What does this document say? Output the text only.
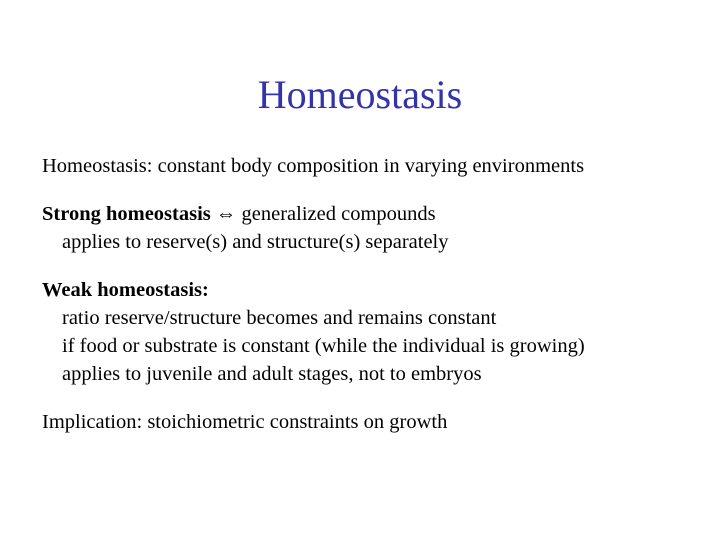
Homeostasis

Homeostasis: constant body composition in varying environments

Strong homeostasis ⇔ generalized compounds
applies to reserve(s) and structure(s) separately
Weak homeostasis:
ratio reserve/structure becomes and remains constant
if food or substrate is constant (while the individual is growing)
applies to juvenile and adult stages, not to embryos

Implication: stoichiometric constraints on growth
